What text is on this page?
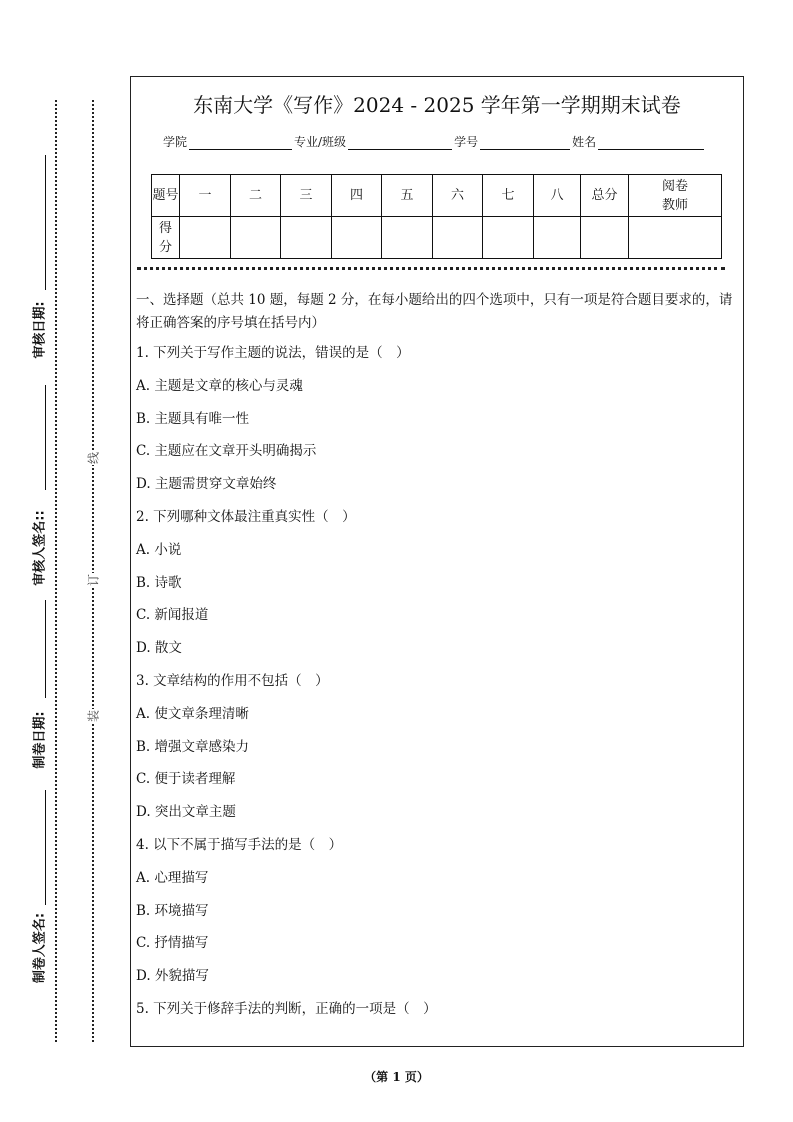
审核日期:
审核人签名::
制卷日期:
制卷人签名:
线
订
装
东南大学《写作》2024 - 2025 学年第一学期期末试卷
学院	专业/班级	学号	姓名
题号	一	二	三	四	五	六	七	八	总分	阅卷教师
得分										
一、选择题（总共 10 题，每题 2 分，在每小题给出的四个选项中，只有一项是符合题目要求的，请将正确答案的序号填在括号内）
1. 下列关于写作主题的说法，错误的是（　）
A. 主题是文章的核心与灵魂
B. 主题具有唯一性
C. 主题应在文章开头明确揭示
D. 主题需贯穿文章始终
2. 下列哪种文体最注重真实性（　）
A. 小说
B. 诗歌
C. 新闻报道
D. 散文
3. 文章结构的作用不包括（　）
A. 使文章条理清晰
B. 增强文章感染力
C. 便于读者理解
D. 突出文章主题
4. 以下不属于描写手法的是（　）
A. 心理描写
B. 环境描写
C. 抒情描写
D. 外貌描写
5. 下列关于修辞手法的判断，正确的一项是（　）
（第 1 页）
